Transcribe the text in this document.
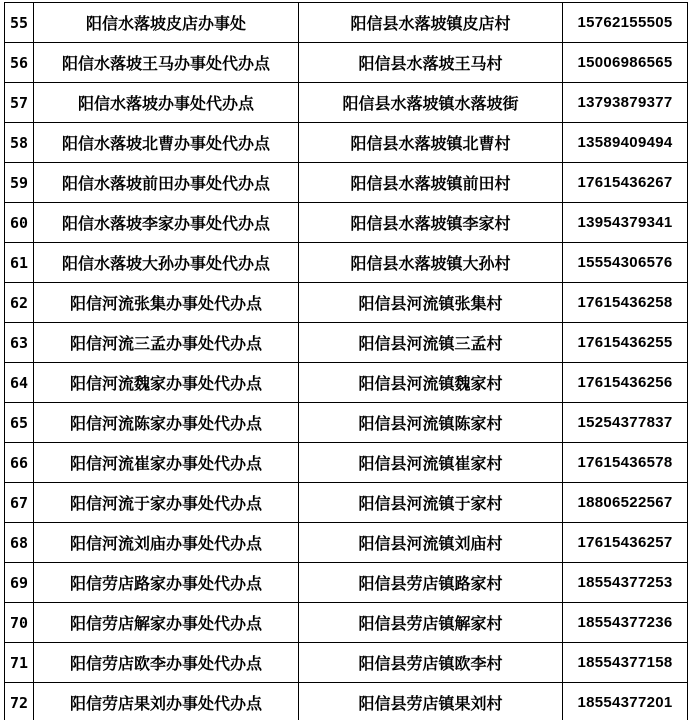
55	阳信水落坡皮店办事处	阳信县水落坡镇皮店村	15762155505
56	阳信水落坡王马办事处代办点	阳信县水落坡王马村	15006986565
57	阳信水落坡办事处代办点	阳信县水落坡镇水落坡街	13793879377
58	阳信水落坡北曹办事处代办点	阳信县水落坡镇北曹村	13589409494
59	阳信水落坡前田办事处代办点	阳信县水落坡镇前田村	17615436267
60	阳信水落坡李家办事处代办点	阳信县水落坡镇李家村	13954379341
61	阳信水落坡大孙办事处代办点	阳信县水落坡镇大孙村	15554306576
62	阳信河流张集办事处代办点	阳信县河流镇张集村	17615436258
63	阳信河流三孟办事处代办点	阳信县河流镇三孟村	17615436255
64	阳信河流魏家办事处代办点	阳信县河流镇魏家村	17615436256
65	阳信河流陈家办事处代办点	阳信县河流镇陈家村	15254377837
66	阳信河流崔家办事处代办点	阳信县河流镇崔家村	17615436578
67	阳信河流于家办事处代办点	阳信县河流镇于家村	18806522567
68	阳信河流刘庙办事处代办点	阳信县河流镇刘庙村	17615436257
69	阳信劳店路家办事处代办点	阳信县劳店镇路家村	18554377253
70	阳信劳店解家办事处代办点	阳信县劳店镇解家村	18554377236
71	阳信劳店欧李办事处代办点	阳信县劳店镇欧李村	18554377158
72	阳信劳店果刘办事处代办点	阳信县劳店镇果刘村	18554377201
